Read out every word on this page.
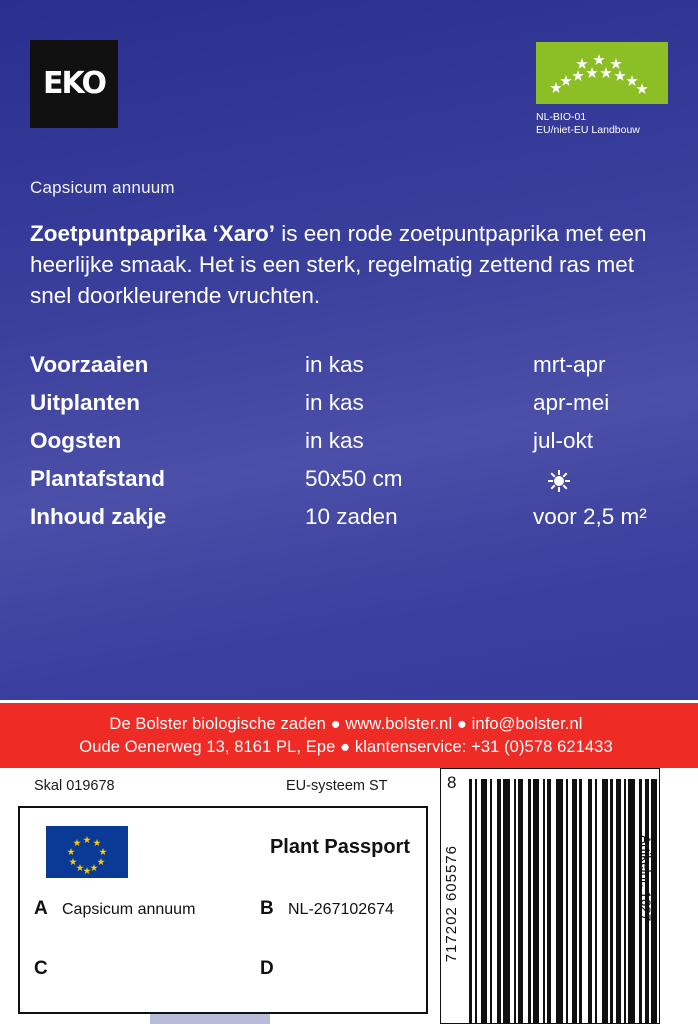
EKO
NL-BIO-01
EU/niet-EU Landbouw
Capsicum annuum
Zoetpuntpaprika ‘Xaro’ is een rode zoetpuntpaprika met een heerlijke smaak. Het is een sterk, regelmatig zettend ras met snel doorkleurende vruchten.
Voorzaaien	in kas	mrt-apr
Uitplanten	in kas	apr-mei
Oogsten	in kas	jul-okt
Plantafstand	50x50 cm
Inhoud zakje	10 zaden	voor 2,5 m²
De Bolster biologische zaden ● www.bolster.nl ● info@bolster.nl
Oude Oenerweg 13, 8161 PL, Epe ● klantenservice: +31 (0)578 621433
Skal 019678	EU-systeem ST
Plant Passport
A Capsicum annuum	B NL-267102674
C	D
8
717202 605576	Artikelnr. 1627
